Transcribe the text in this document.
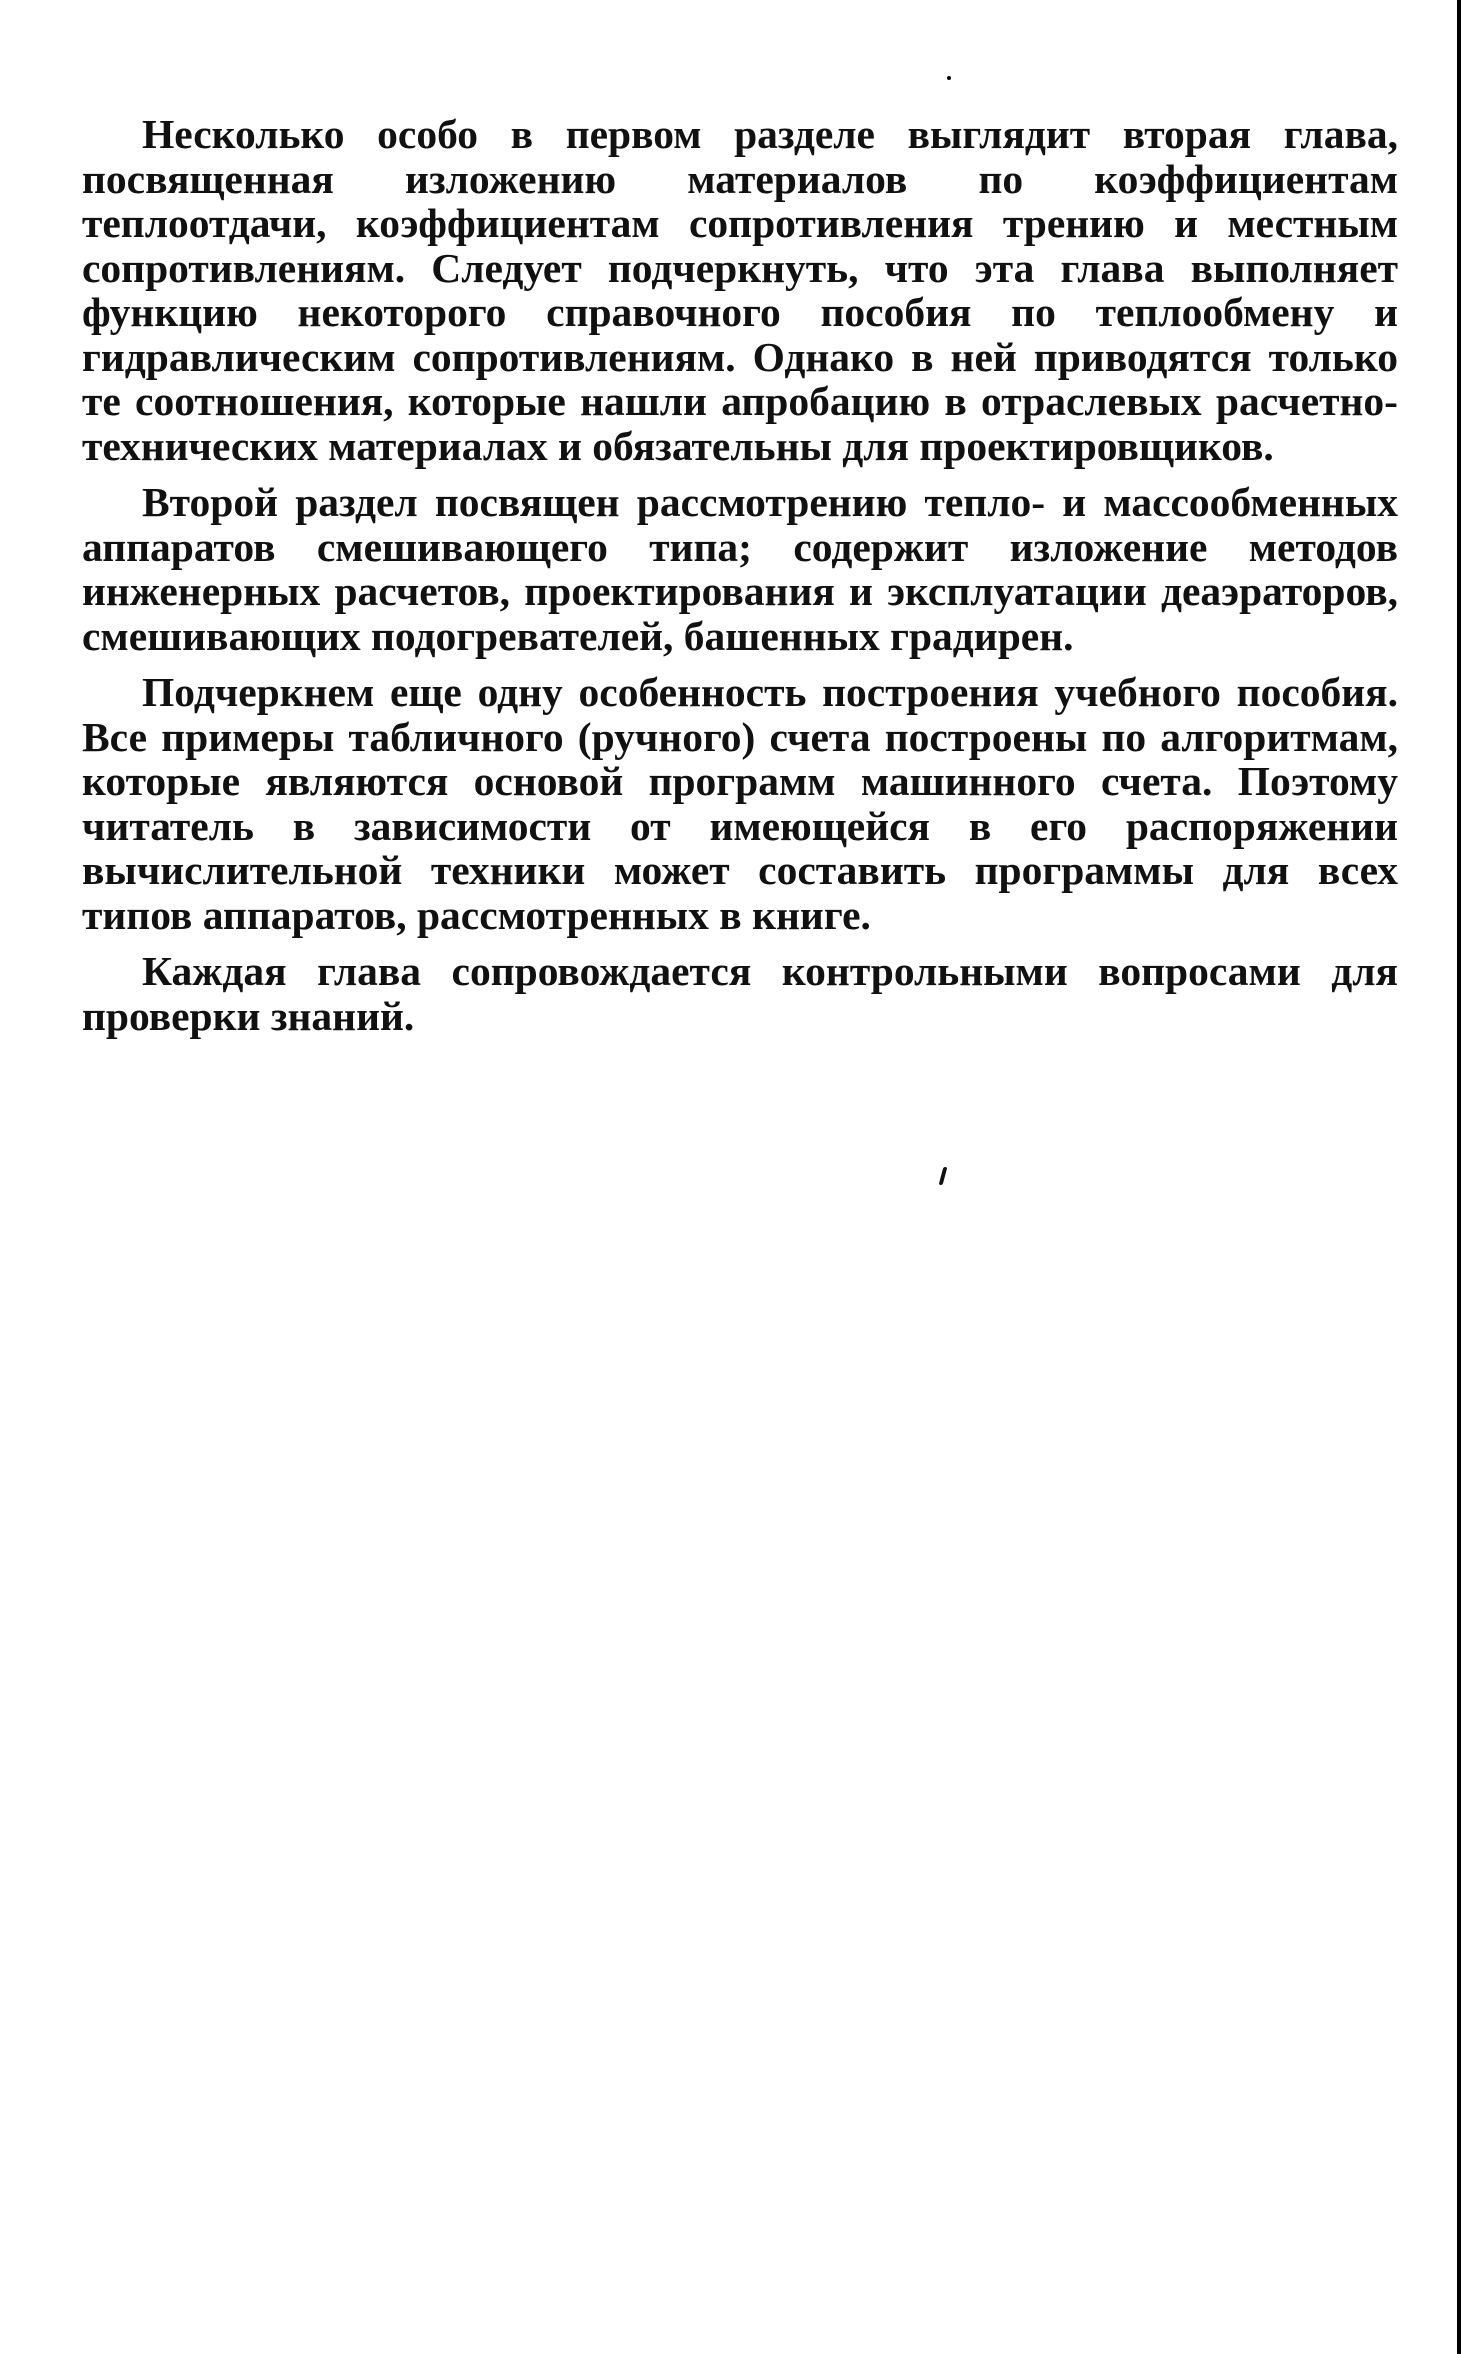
Несколько особо в первом разделе выглядит вторая глава, посвященная изложению материалов по коэффициентам теплоотдачи, коэффициентам сопротивления трению и местным сопротивлениям. Следует подчеркнуть, что эта глава выполняет функцию некоторого справочного пособия по теплообмену и гидравлическим сопротивлениям. Однако в ней приводятся только те соотношения, которые нашли апробацию в отраслевых расчетно-технических материалах и обязательны для проектировщиков.

Второй раздел посвящен рассмотрению тепло- и массообменных аппаратов смешивающего типа; содержит изложение методов инженерных расчетов, проектирования и эксплуатации деаэраторов, смешивающих подогревателей, башенных градирен.

Подчеркнем еще одну особенность построения учебного пособия. Все примеры табличного (ручного) счета построены по алгоритмам, которые являются основой программ машинного счета. Поэтому читатель в зависимости от имеющейся в его распоряжении вычислительной техники может составить программы для всех типов аппаратов, рассмотренных в книге.

Каждая глава сопровождается контрольными вопросами для проверки знаний.
